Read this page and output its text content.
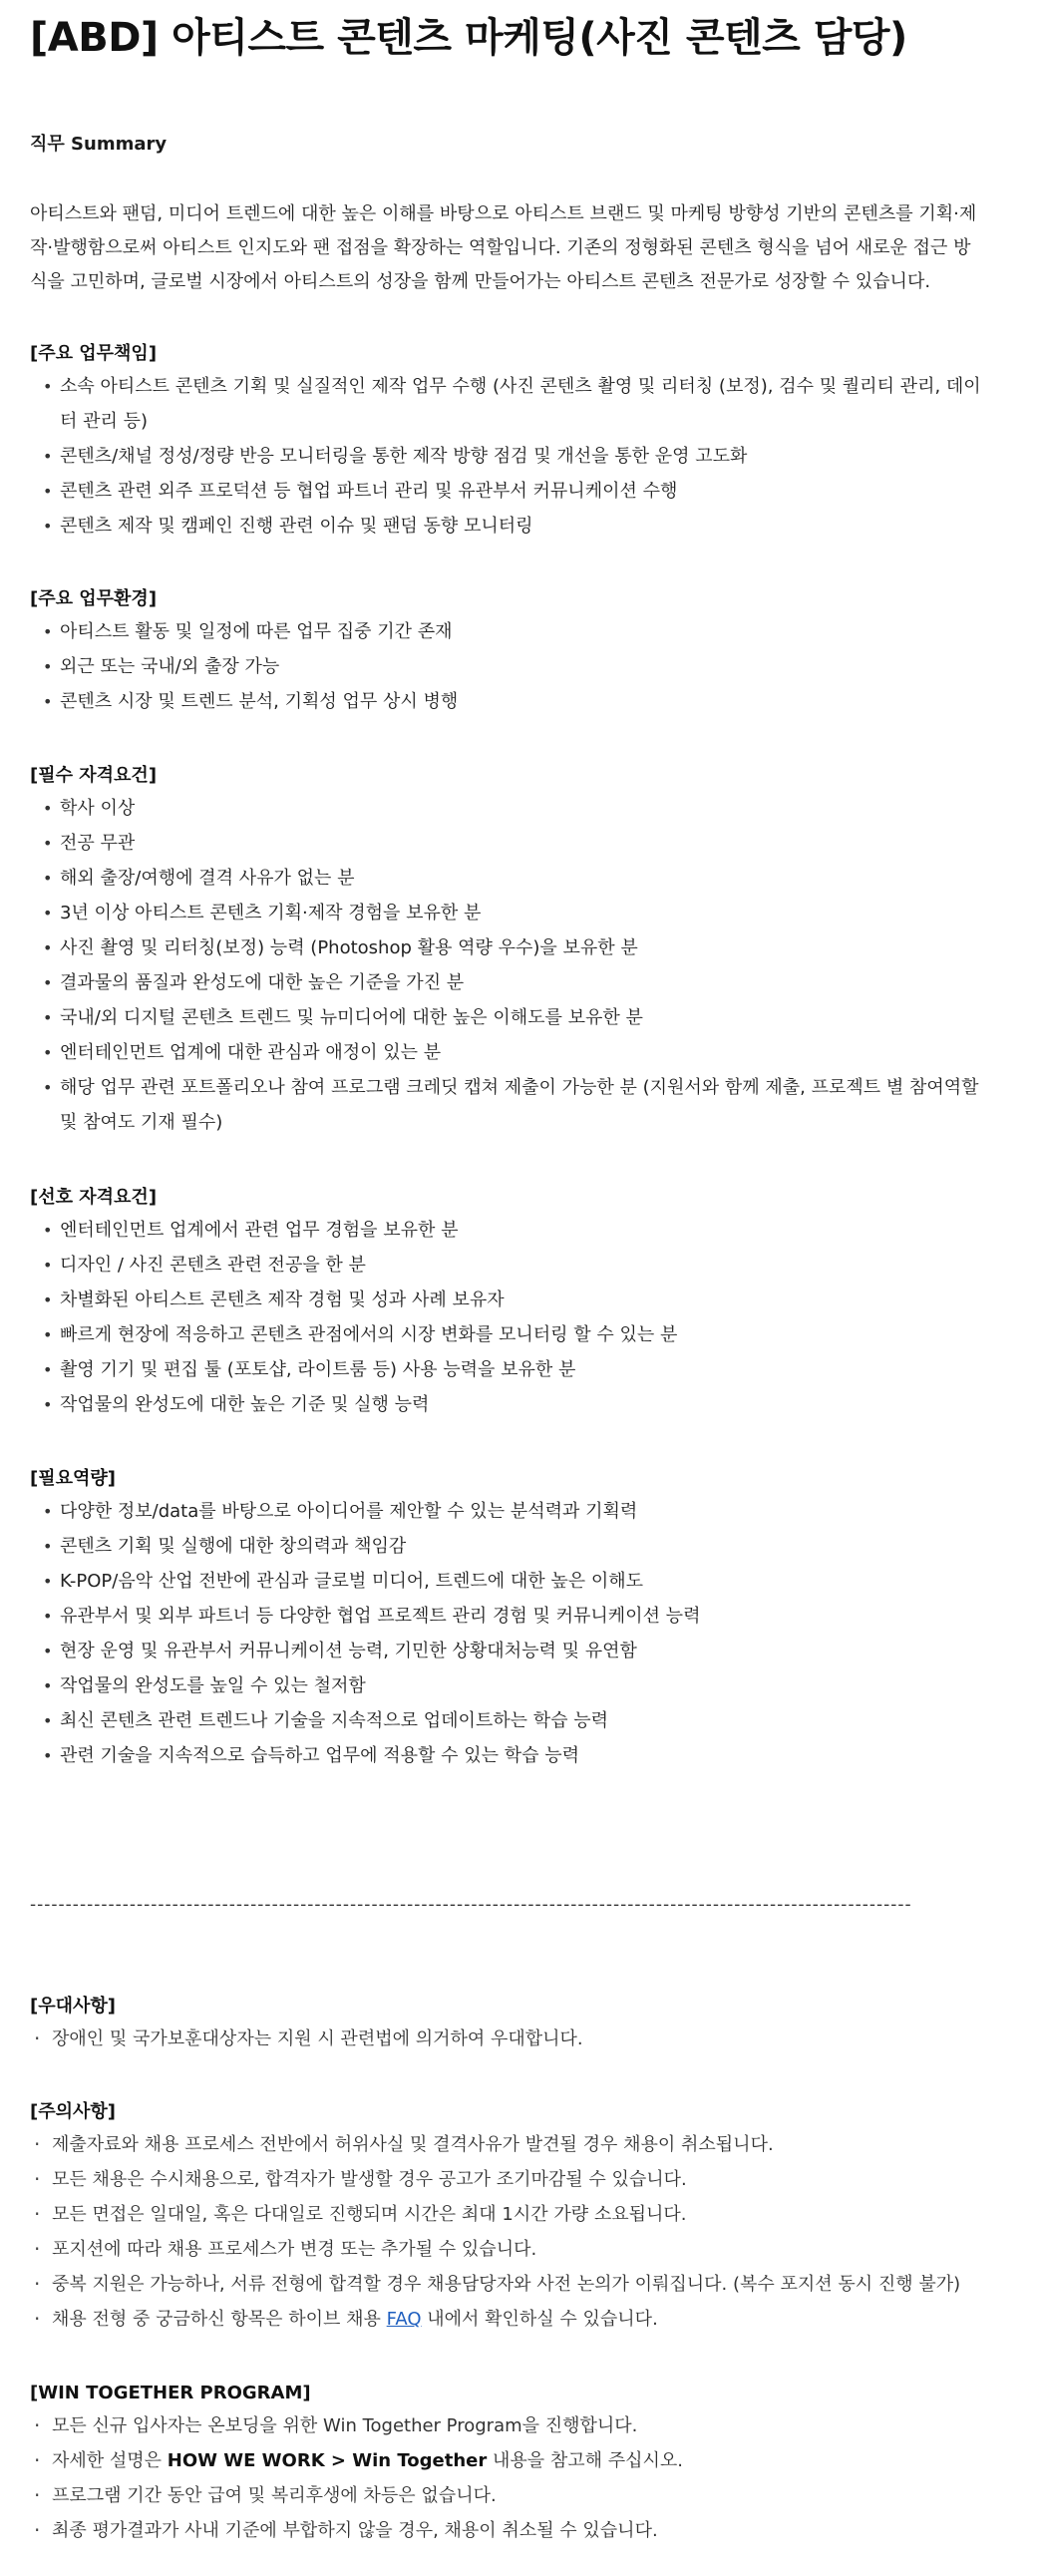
[ABD] 아티스트 콘텐츠 마케팅(사진 콘텐츠 담당)
직무 Summary
아티스트와 팬덤, 미디어 트렌드에 대한 높은 이해를 바탕으로 아티스트 브랜드 및 마케팅 방향성 기반의 콘텐츠를 기획·제작·발행함으로써 아티스트 인지도와 팬 접점을 확장하는 역할입니다. 기존의 정형화된 콘텐츠 형식을 넘어 새로운 접근 방식을 고민하며, 글로벌 시장에서 아티스트의 성장을 함께 만들어가는 아티스트 콘텐츠 전문가로 성장할 수 있습니다.
[주요 업무책임]
• 소속 아티스트 콘텐츠 기획 및 실질적인 제작 업무 수행 (사진 콘텐츠 촬영 및 리터칭 (보정), 검수 및 퀄리티 관리, 데이터 관리 등)
• 콘텐츠/채널 정성/정량 반응 모니터링을 통한 제작 방향 점검 및 개선을 통한 운영 고도화
• 콘텐츠 관련 외주 프로덕션 등 협업 파트너 관리 및 유관부서 커뮤니케이션 수행
• 콘텐츠 제작 및 캠페인 진행 관련 이슈 및 팬덤 동향 모니터링
[주요 업무환경]
• 아티스트 활동 및 일정에 따른 업무 집중 기간 존재
• 외근 또는 국내/외 출장 가능
• 콘텐츠 시장 및 트렌드 분석, 기획성 업무 상시 병행
[필수 자격요건]
• 학사 이상
• 전공 무관
• 해외 출장/여행에 결격 사유가 없는 분
• 3년 이상 아티스트 콘텐츠 기획·제작 경험을 보유한 분
• 사진 촬영 및 리터칭(보정) 능력 (Photoshop 활용 역량 우수)을 보유한 분
• 결과물의 품질과 완성도에 대한 높은 기준을 가진 분
• 국내/외 디지털 콘텐츠 트렌드 및 뉴미디어에 대한 높은 이해도를 보유한 분
• 엔터테인먼트 업계에 대한 관심과 애정이 있는 분
• 해당 업무 관련 포트폴리오나 참여 프로그램 크레딧 캡쳐 제출이 가능한 분 (지원서와 함께 제출, 프로젝트 별 참여역할 및 참여도 기재 필수)
[선호 자격요건]
• 엔터테인먼트 업계에서 관련 업무 경험을 보유한 분
• 디자인 / 사진 콘텐츠 관련 전공을 한 분
• 차별화된 아티스트 콘텐츠 제작 경험 및 성과 사례 보유자
• 빠르게 현장에 적응하고 콘텐츠 관점에서의 시장 변화를 모니터링 할 수 있는 분
• 촬영 기기 및 편집 툴 (포토샵, 라이트룸 등) 사용 능력을 보유한 분
• 작업물의 완성도에 대한 높은 기준 및 실행 능력
[필요역량]
• 다양한 정보/data를 바탕으로 아이디어를 제안할 수 있는 분석력과 기획력
• 콘텐츠 기획 및 실행에 대한 창의력과 책임감
• K-POP/음악 산업 전반에 관심과 글로벌 미디어, 트렌드에 대한 높은 이해도
• 유관부서 및 외부 파트너 등 다양한 협업 프로젝트 관리 경험 및 커뮤니케이션 능력
• 현장 운영 및 유관부서 커뮤니케이션 능력, 기민한 상황대처능력 및 유연함
• 작업물의 완성도를 높일 수 있는 철저함
• 최신 콘텐츠 관련 트렌드나 기술을 지속적으로 업데이트하는 학습 능력
• 관련 기술을 지속적으로 습득하고 업무에 적용할 수 있는 학습 능력
----------------------------------------------------------------------------------------------------------------------------
[우대사항]
· 장애인 및 국가보훈대상자는 지원 시 관련법에 의거하여 우대합니다.
[주의사항]
· 제출자료와 채용 프로세스 전반에서 허위사실 및 결격사유가 발견될 경우 채용이 취소됩니다.
· 모든 채용은 수시채용으로, 합격자가 발생할 경우 공고가 조기마감될 수 있습니다.
· 모든 면접은 일대일, 혹은 다대일로 진행되며 시간은 최대 1시간 가량 소요됩니다.
· 포지션에 따라 채용 프로세스가 변경 또는 추가될 수 있습니다.
· 중복 지원은 가능하나, 서류 전형에 합격할 경우 채용담당자와 사전 논의가 이뤄집니다. (복수 포지션 동시 진행 불가)
· 채용 전형 중 궁금하신 항목은 하이브 채용 FAQ 내에서 확인하실 수 있습니다.
[WIN TOGETHER PROGRAM]
· 모든 신규 입사자는 온보딩을 위한 Win Together Program을 진행합니다.
· 자세한 설명은 HOW WE WORK > Win Together 내용을 참고해 주십시오.
· 프로그램 기간 동안 급여 및 복리후생에 차등은 없습니다.
· 최종 평가결과가 사내 기준에 부합하지 않을 경우, 채용이 취소될 수 있습니다.
